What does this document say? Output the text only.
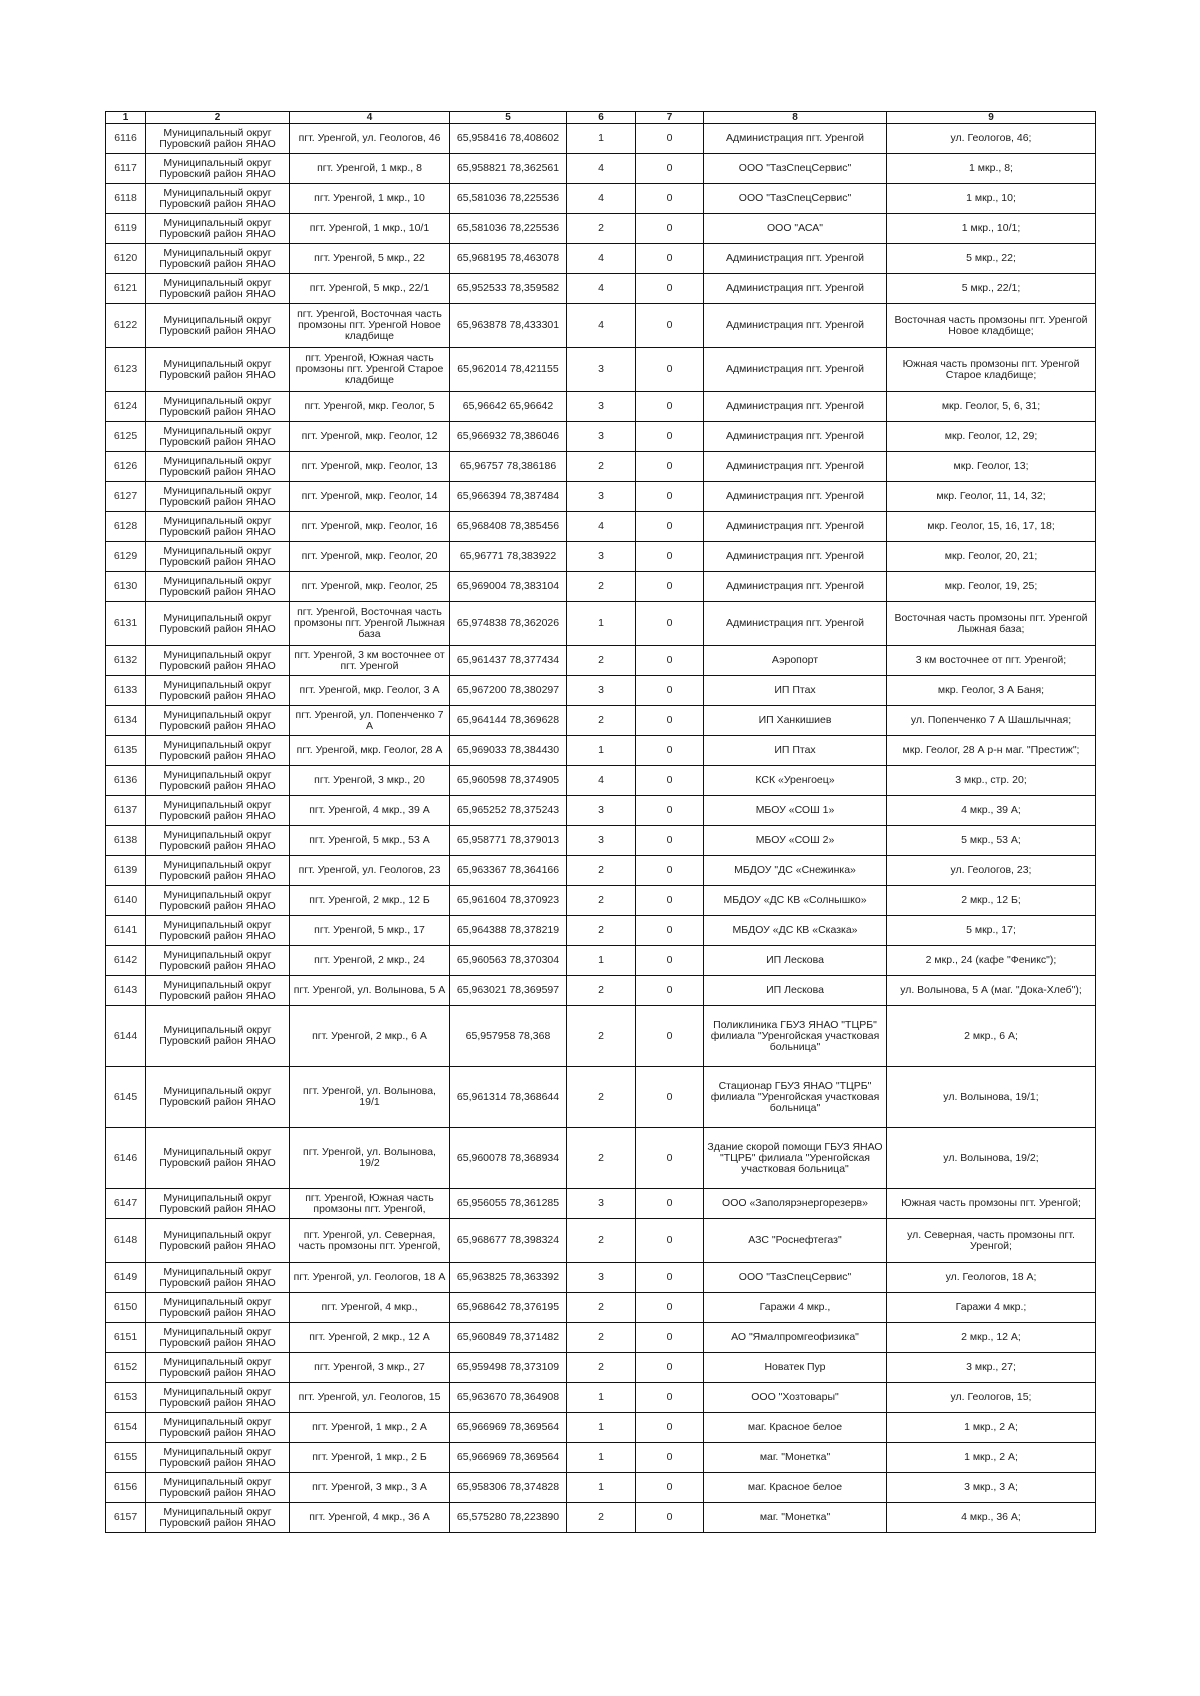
1	2	4	5	6	7	8	9
6116	Муниципальный округ Пуровский район ЯНАО	пгт. Уренгой, ул. Геологов, 46	65,958416 78,408602	1	0	Администрация пгт. Уренгой	ул. Геологов, 46;
6117	Муниципальный округ Пуровский район ЯНАО	пгт. Уренгой, 1 мкр., 8	65,958821 78,362561	4	0	ООО "ТазСпецСервис"	1 мкр., 8;
6118	Муниципальный округ Пуровский район ЯНАО	пгт. Уренгой, 1 мкр., 10	65,581036 78,225536	4	0	ООО "ТазСпецСервис"	1 мкр., 10;
6119	Муниципальный округ Пуровский район ЯНАО	пгт. Уренгой, 1 мкр., 10/1	65,581036 78,225536	2	0	ООО "АСА"	1 мкр., 10/1;
6120	Муниципальный округ Пуровский район ЯНАО	пгт. Уренгой, 5 мкр., 22	65,968195 78,463078	4	0	Администрация пгт. Уренгой	5 мкр., 22;
6121	Муниципальный округ Пуровский район ЯНАО	пгт. Уренгой, 5 мкр., 22/1	65,952533 78,359582	4	0	Администрация пгт. Уренгой	5 мкр., 22/1;
6122	Муниципальный округ Пуровский район ЯНАО	пгт. Уренгой, Восточная часть промзоны пгт. Уренгой Новое кладбище	65,963878 78,433301	4	0	Администрация пгт. Уренгой	Восточная часть промзоны пгт. Уренгой Новое кладбище;
6123	Муниципальный округ Пуровский район ЯНАО	пгт. Уренгой, Южная часть промзоны пгт. Уренгой Старое кладбище	65,962014 78,421155	3	0	Администрация пгт. Уренгой	Южная часть промзоны пгт. Уренгой Старое кладбище;
6124	Муниципальный округ Пуровский район ЯНАО	пгт. Уренгой, мкр. Геолог, 5	65,96642 65,96642	3	0	Администрация пгт. Уренгой	мкр. Геолог, 5, 6, 31;
6125	Муниципальный округ Пуровский район ЯНАО	пгт. Уренгой, мкр. Геолог, 12	65,966932 78,386046	3	0	Администрация пгт. Уренгой	мкр. Геолог, 12, 29;
6126	Муниципальный округ Пуровский район ЯНАО	пгт. Уренгой, мкр. Геолог, 13	65,96757 78,386186	2	0	Администрация пгт. Уренгой	мкр. Геолог, 13;
6127	Муниципальный округ Пуровский район ЯНАО	пгт. Уренгой, мкр. Геолог, 14	65,966394 78,387484	3	0	Администрация пгт. Уренгой	мкр. Геолог, 11, 14, 32;
6128	Муниципальный округ Пуровский район ЯНАО	пгт. Уренгой, мкр. Геолог, 16	65,968408 78,385456	4	0	Администрация пгт. Уренгой	мкр. Геолог, 15, 16, 17, 18;
6129	Муниципальный округ Пуровский район ЯНАО	пгт. Уренгой, мкр. Геолог, 20	65,96771 78,383922	3	0	Администрация пгт. Уренгой	мкр. Геолог, 20, 21;
6130	Муниципальный округ Пуровский район ЯНАО	пгт. Уренгой, мкр. Геолог, 25	65,969004 78,383104	2	0	Администрация пгт. Уренгой	мкр. Геолог, 19, 25;
6131	Муниципальный округ Пуровский район ЯНАО	пгт. Уренгой, Восточная часть промзоны пгт. Уренгой Лыжная база	65,974838 78,362026	1	0	Администрация пгт. Уренгой	Восточная часть промзоны пгт. Уренгой Лыжная база;
6132	Муниципальный округ Пуровский район ЯНАО	пгт. Уренгой, 3 км восточнее от пгт. Уренгой	65,961437 78,377434	2	0	Аэропорт	3 км восточнее от пгт. Уренгой;
6133	Муниципальный округ Пуровский район ЯНАО	пгт. Уренгой, мкр. Геолог, 3 А	65,967200 78,380297	3	0	ИП Птах	мкр. Геолог, 3 А Баня;
6134	Муниципальный округ Пуровский район ЯНАО	пгт. Уренгой, ул. Попенченко 7 А	65,964144 78,369628	2	0	ИП Ханкишиев	ул. Попенченко 7 А Шашлычная;
6135	Муниципальный округ Пуровский район ЯНАО	пгт. Уренгой, мкр. Геолог, 28 А	65,969033 78,384430	1	0	ИП Птах	мкр. Геолог, 28 А р-н маг. "Престиж";
6136	Муниципальный округ Пуровский район ЯНАО	пгт. Уренгой, 3 мкр., 20	65,960598 78,374905	4	0	КСК «Уренгоец»	3 мкр., стр. 20;
6137	Муниципальный округ Пуровский район ЯНАО	пгт. Уренгой, 4 мкр., 39 А	65,965252 78,375243	3	0	МБОУ «СОШ 1»	4 мкр., 39 А;
6138	Муниципальный округ Пуровский район ЯНАО	пгт. Уренгой, 5 мкр., 53 А	65,958771 78,379013	3	0	МБОУ «СОШ 2»	5 мкр., 53 А;
6139	Муниципальный округ Пуровский район ЯНАО	пгт. Уренгой, ул. Геологов, 23	65,963367 78,364166	2	0	МБДОУ "ДС «Снежинка»	ул. Геологов, 23;
6140	Муниципальный округ Пуровский район ЯНАО	пгт. Уренгой, 2 мкр., 12 Б	65,961604 78,370923	2	0	МБДОУ «ДС КВ «Солнышко»	2 мкр., 12 Б;
6141	Муниципальный округ Пуровский район ЯНАО	пгт. Уренгой, 5 мкр., 17	65,964388 78,378219	2	0	МБДОУ «ДС КВ «Сказка»	5 мкр., 17;
6142	Муниципальный округ Пуровский район ЯНАО	пгт. Уренгой, 2 мкр., 24	65,960563 78,370304	1	0	ИП Лескова	2 мкр., 24 (кафе "Феникс");
6143	Муниципальный округ Пуровский район ЯНАО	пгт. Уренгой, ул. Волынова, 5 А	65,963021 78,369597	2	0	ИП Лескова	ул. Волынова, 5 А (маг. "Дока-Хлеб");
6144	Муниципальный округ Пуровский район ЯНАО	пгт. Уренгой, 2 мкр., 6 А	65,957958 78,368	2	0	Поликлиника ГБУЗ ЯНАО "ТЦРБ" филиала "Уренгойская участковая больница"	2 мкр., 6 А;
6145	Муниципальный округ Пуровский район ЯНАО	пгт. Уренгой, ул. Волынова, 19/1	65,961314 78,368644	2	0	Стационар ГБУЗ ЯНАО "ТЦРБ" филиала "Уренгойская участковая больница"	ул. Волынова, 19/1;
6146	Муниципальный округ Пуровский район ЯНАО	пгт. Уренгой, ул. Волынова, 19/2	65,960078 78,368934	2	0	Здание скорой помощи ГБУЗ ЯНАО "ТЦРБ" филиала "Уренгойская участковая больница"	ул. Волынова, 19/2;
6147	Муниципальный округ Пуровский район ЯНАО	пгт. Уренгой, Южная часть промзоны пгт. Уренгой,	65,956055 78,361285	3	0	ООО «Заполярэнергорезерв»	Южная часть промзоны пгт. Уренгой;
6148	Муниципальный округ Пуровский район ЯНАО	пгт. Уренгой, ул. Северная, часть промзоны пгт. Уренгой,	65,968677 78,398324	2	0	АЗС "Роснефтегаз"	ул. Северная, часть промзоны пгт. Уренгой;
6149	Муниципальный округ Пуровский район ЯНАО	пгт. Уренгой, ул. Геологов, 18 А	65,963825 78,363392	3	0	ООО "ТазСпецСервис"	ул. Геологов, 18 А;
6150	Муниципальный округ Пуровский район ЯНАО	пгт. Уренгой, 4 мкр.,	65,968642 78,376195	2	0	Гаражи 4 мкр.,	Гаражи 4 мкр.;
6151	Муниципальный округ Пуровский район ЯНАО	пгт. Уренгой, 2 мкр., 12 А	65,960849 78,371482	2	0	АО "Ямалпромгеофизика"	2 мкр., 12 А;
6152	Муниципальный округ Пуровский район ЯНАО	пгт. Уренгой, 3 мкр., 27	65,959498 78,373109	2	0	Новатек Пур	3 мкр., 27;
6153	Муниципальный округ Пуровский район ЯНАО	пгт. Уренгой, ул. Геологов, 15	65,963670 78,364908	1	0	ООО "Хозтовары"	ул. Геологов, 15;
6154	Муниципальный округ Пуровский район ЯНАО	пгт. Уренгой, 1 мкр., 2 А	65,966969 78,369564	1	0	маг. Красное белое	1 мкр., 2 А;
6155	Муниципальный округ Пуровский район ЯНАО	пгт. Уренгой, 1 мкр., 2 Б	65,966969 78,369564	1	0	маг. "Монетка"	1 мкр., 2 А;
6156	Муниципальный округ Пуровский район ЯНАО	пгт. Уренгой, 3 мкр., 3 А	65,958306 78,374828	1	0	маг. Красное белое	3 мкр., 3 А;
6157	Муниципальный округ Пуровский район ЯНАО	пгт. Уренгой, 4 мкр., 36 А	65,575280 78,223890	2	0	маг. "Монетка"	4 мкр., 36 А;
